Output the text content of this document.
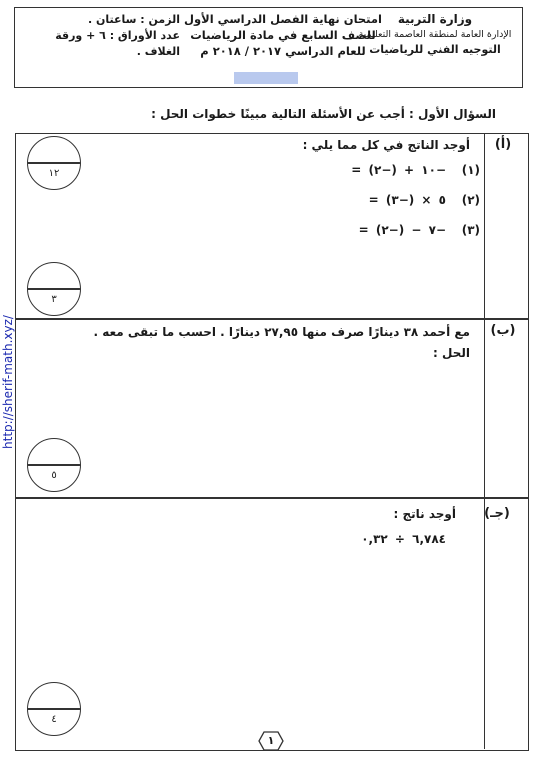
وزارة التربية
الإدارة العامة لمنطقة العاصمة التعليمية
التوجيه الفني للرياضيات
امتحان نهاية الفصل الدراسي الأول
للصف السابع في مادة الرياضيات
للعام الدراسي ٢٠١٧ / ٢٠١٨ م
الزمن : ساعتان .
عدد الأوراق : ٦ + ورقة الغلاف .
السؤال الأول : أجب عن الأسئلة التالية مبينًا خطوات الحل :
http://sherif-math.xyz/
(أ)
أوجد الناتج في كل مما يلي :
(١)
−١٠ + (−٢) =
(٢)
٥ × (−٣) =
(٣)
−٧ − (−٢) =
١٢
٣
(ب)
مع أحمد ٣٨ دينارًا صرف منها ٢٧,٩٥ دينارًا . احسب ما تبقى معه .
الحل :
٥
(جـ)
أوجد ناتج :
٦,٧٨٤ ÷ ٠,٣٢
٤
١
